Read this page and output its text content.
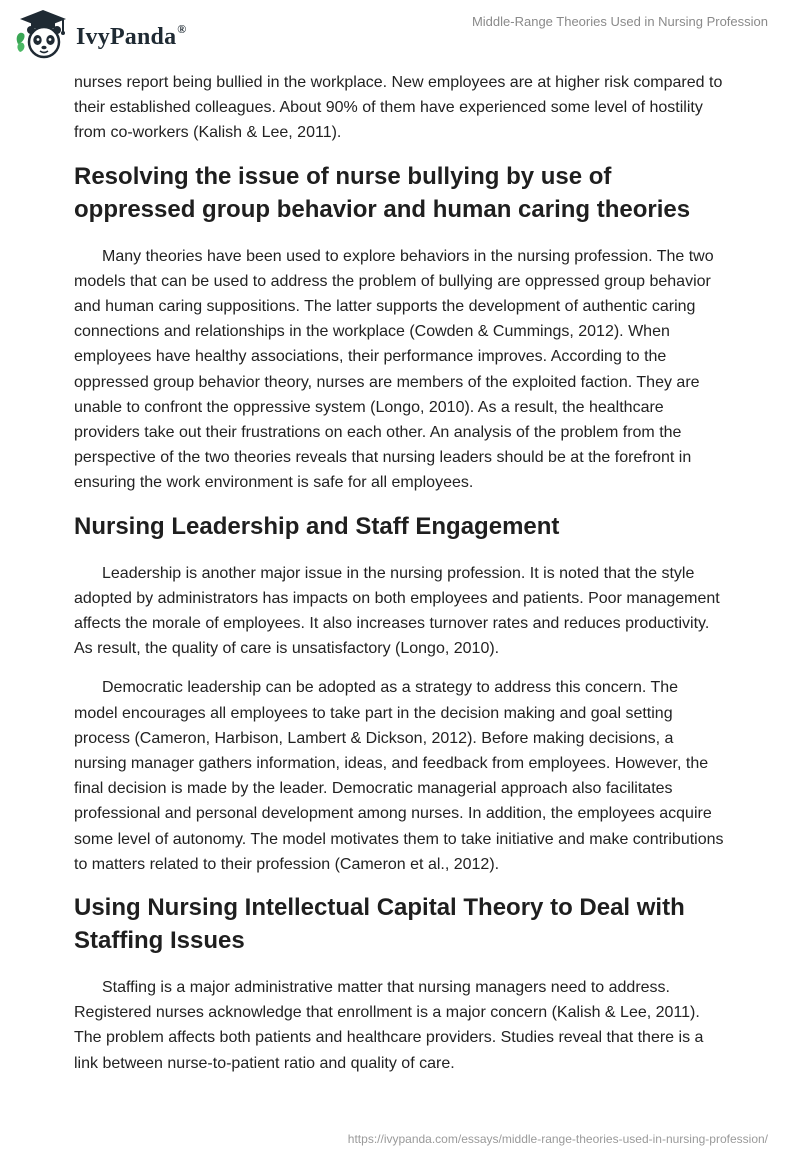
IvyPanda®	Middle-Range Theories Used in Nursing Profession

nurses report being bullied in the workplace. New employees are at higher risk compared to their established colleagues. About 90% of them have experienced some level of hostility from co-workers (Kalish & Lee, 2011).

Resolving the issue of nurse bullying by use of oppressed group behavior and human caring theories

Many theories have been used to explore behaviors in the nursing profession. The two models that can be used to address the problem of bullying are oppressed group behavior and human caring suppositions. The latter supports the development of authentic caring connections and relationships in the workplace (Cowden & Cummings, 2012). When employees have healthy associations, their performance improves. According to the oppressed group behavior theory, nurses are members of the exploited faction. They are unable to confront the oppressive system (Longo, 2010). As a result, the healthcare providers take out their frustrations on each other. An analysis of the problem from the perspective of the two theories reveals that nursing leaders should be at the forefront in ensuring the work environment is safe for all employees.

Nursing Leadership and Staff Engagement

Leadership is another major issue in the nursing profession. It is noted that the style adopted by administrators has impacts on both employees and patients. Poor management affects the morale of employees. It also increases turnover rates and reduces productivity. As result, the quality of care is unsatisfactory (Longo, 2010).

Democratic leadership can be adopted as a strategy to address this concern. The model encourages all employees to take part in the decision making and goal setting process (Cameron, Harbison, Lambert & Dickson, 2012). Before making decisions, a nursing manager gathers information, ideas, and feedback from employees. However, the final decision is made by the leader. Democratic managerial approach also facilitates professional and personal development among nurses. In addition, the employees acquire some level of autonomy. The model motivates them to take initiative and make contributions to matters related to their profession (Cameron et al., 2012).

Using Nursing Intellectual Capital Theory to Deal with Staffing Issues

Staffing is a major administrative matter that nursing managers need to address. Registered nurses acknowledge that enrollment is a major concern (Kalish & Lee, 2011). The problem affects both patients and healthcare providers. Studies reveal that there is a link between nurse-to-patient ratio and quality of care.

https://ivypanda.com/essays/middle-range-theories-used-in-nursing-profession/
